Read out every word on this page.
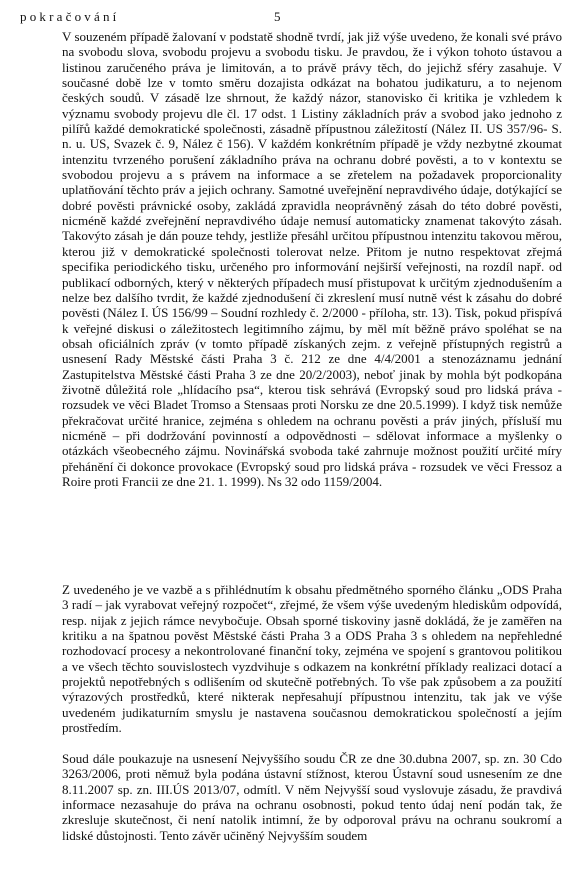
pokračování	5

V souzeném případě žalovaní v podstatě shodně tvrdí, jak již výše uvedeno, že konali své právo na svobodu slova, svobodu projevu a svobodu tisku. Je pravdou, že i výkon tohoto ústavou a listinou zaručeného práva je limitován, a to právě právy těch, do jejichž sféry zasahuje. V současné době lze v tomto směru dozajista odkázat na bohatou judikaturu, a to nejenom českých soudů. V zásadě lze shrnout, že každý názor, stanovisko či kritika je vzhledem k významu svobody projevu dle čl. 17 odst. 1 Listiny základních práv a svobod jako jednoho z pilířů každé demokratické společnosti, zásadně přípustnou záležitostí (Nález II. US 357/96- S. n. u. US, Svazek č. 9, Nález č 156). V každém konkrétním případě je vždy nezbytné zkoumat intenzitu tvrzeného porušení základního práva na ochranu dobré pověsti, a to v kontextu se svobodou projevu a s právem na informace a se zřetelem na požadavek proporcionality uplatňování těchto práv a jejich ochrany. Samotné uveřejnění nepravdivého údaje, dotýkající se dobré pověsti právnické osoby, zakládá zpravidla neoprávněný zásah do této dobré pověsti, nicméně každé zveřejnění nepravdivého údaje nemusí automaticky znamenat takovýto zásah. Takovýto zásah je dán pouze tehdy, jestliže přesáhl určitou přípustnou intenzitu takovou měrou, kterou již v demokratické společnosti tolerovat nelze. Přitom je nutno respektovat zřejmá specifika periodického tisku, určeného pro informování nejširší veřejnosti, na rozdíl např. od publikací odborných, který v některých případech musí přistupovat k určitým zjednodušením a nelze bez dalšího tvrdit, že každé zjednodušení či zkreslení musí nutně vést k zásahu do dobré pověsti (Nález I. ÚS 156/99 – Soudní rozhledy č. 2/2000 - příloha, str. 13). Tisk, pokud přispívá k veřejné diskusi o záležitostech legitimního zájmu, by měl mít běžně právo spoléhat se na obsah oficiálních zpráv (v tomto případě získaných zejm. z veřejně přístupných registrů a usnesení Rady Městské části Praha 3 č. 212 ze dne 4/4/2001 a stenozáznamu jednání Zastupitelstva Městské části Praha 3 ze dne 20/2/2003), neboť jinak by mohla být podkopána životně důležitá role „hlídacího psa“, kterou tisk sehrává (Evropský soud pro lidská práva - rozsudek ve věci Bladet Tromso a Stensaas proti Norsku ze dne 20.5.1999). I když tisk nemůže překračovat určité hranice, zejména s ohledem na ochranu pověsti a práv jiných, přísluší mu nicméně – při dodržování povinností a odpovědnosti – sdělovat informace a myšlenky o otázkách všeobecného zájmu. Novinářská svoboda také zahrnuje možnost použití určité míry přehánění či dokonce provokace (Evropský soud pro lidská práva - rozsudek ve věci Fressoz a Roire proti Francii ze dne 21. 1. 1999). Ns 32 odo 1159/2004.

Z uvedeného je ve vazbě a s přihlédnutím k obsahu předmětného sporného článku „ODS Praha 3 radí – jak vyrabovat veřejný rozpočet“, zřejmé, že všem výše uvedeným hlediskům odpovídá, resp. nijak z jejich rámce nevybočuje. Obsah sporné tiskoviny jasně dokládá, že je zaměřen na kritiku a na špatnou pověst Městské části Praha 3 a ODS Praha 3 s ohledem na nepřehledné rozhodovací procesy a nekontrolované finanční toky, zejména ve spojení s grantovou politikou a ve všech těchto souvislostech vyzdvihuje s odkazem na konkrétní příklady realizaci dotací a projektů nepotřebných s odlišením od skutečně potřebných. To vše pak způsobem a za použití výrazových prostředků, které nikterak nepřesahují přípustnou intenzitu, tak jak ve výše uvedeném judikaturním smyslu je nastavena současnou demokratickou společností a jejím prostředím.

Soud dále poukazuje na usnesení Nejvyššího soudu ČR ze dne 30.dubna 2007, sp. zn. 30 Cdo 3263/2006, proti němuž byla podána ústavní stížnost, kterou Ústavní soud usnesením ze dne 8.11.2007 sp. zn. III.ÚS 2013/07, odmítl. V něm Nejvyšší soud vyslovuje zásadu, že pravdivá informace nezasahuje do práva na ochranu osobnosti, pokud tento údaj není podán tak, že zkresluje skutečnost, či není natolik intimní, že by odporoval právu na ochranu soukromí a lidské důstojnosti. Tento závěr učiněný Nejvyšším soudem
